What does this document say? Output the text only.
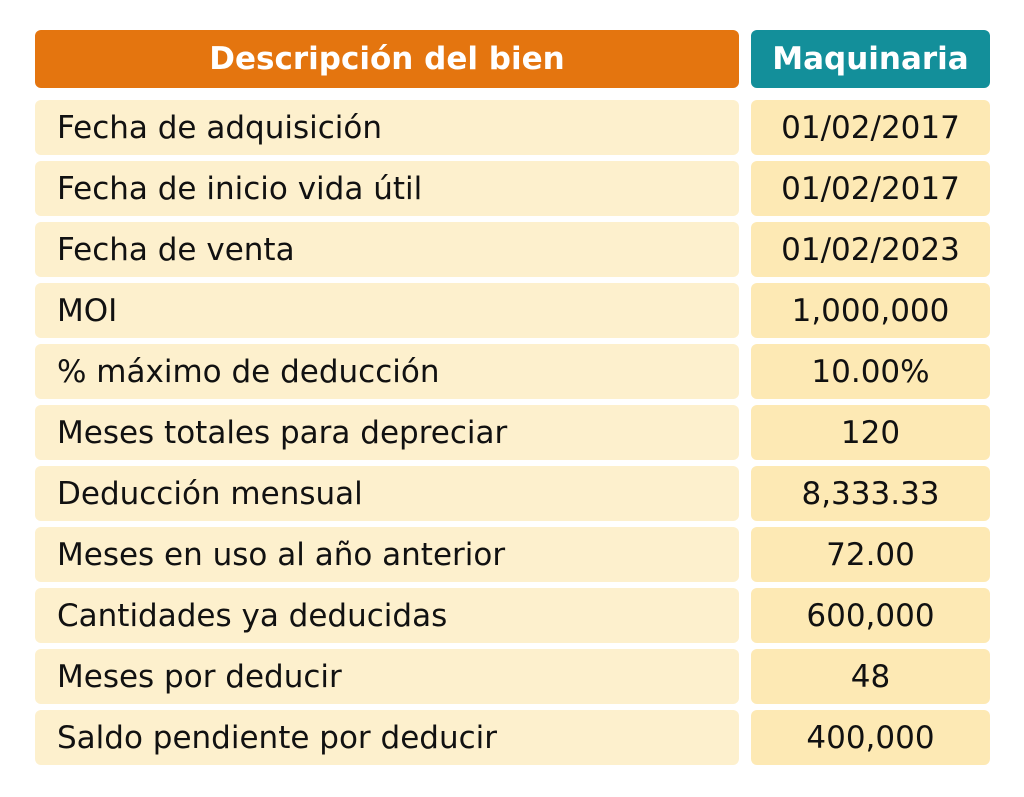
Descripción del bien	Maquinaria
Fecha de adquisición	01/02/2017
Fecha de inicio vida útil	01/02/2017
Fecha de venta	01/02/2023
MOI	1,000,000
% máximo de deducción	10.00%
Meses totales para depreciar	120
Deducción mensual	8,333.33
Meses en uso al año anterior	72.00
Cantidades ya deducidas	600,000
Meses por deducir	48
Saldo pendiente por deducir	400,000
